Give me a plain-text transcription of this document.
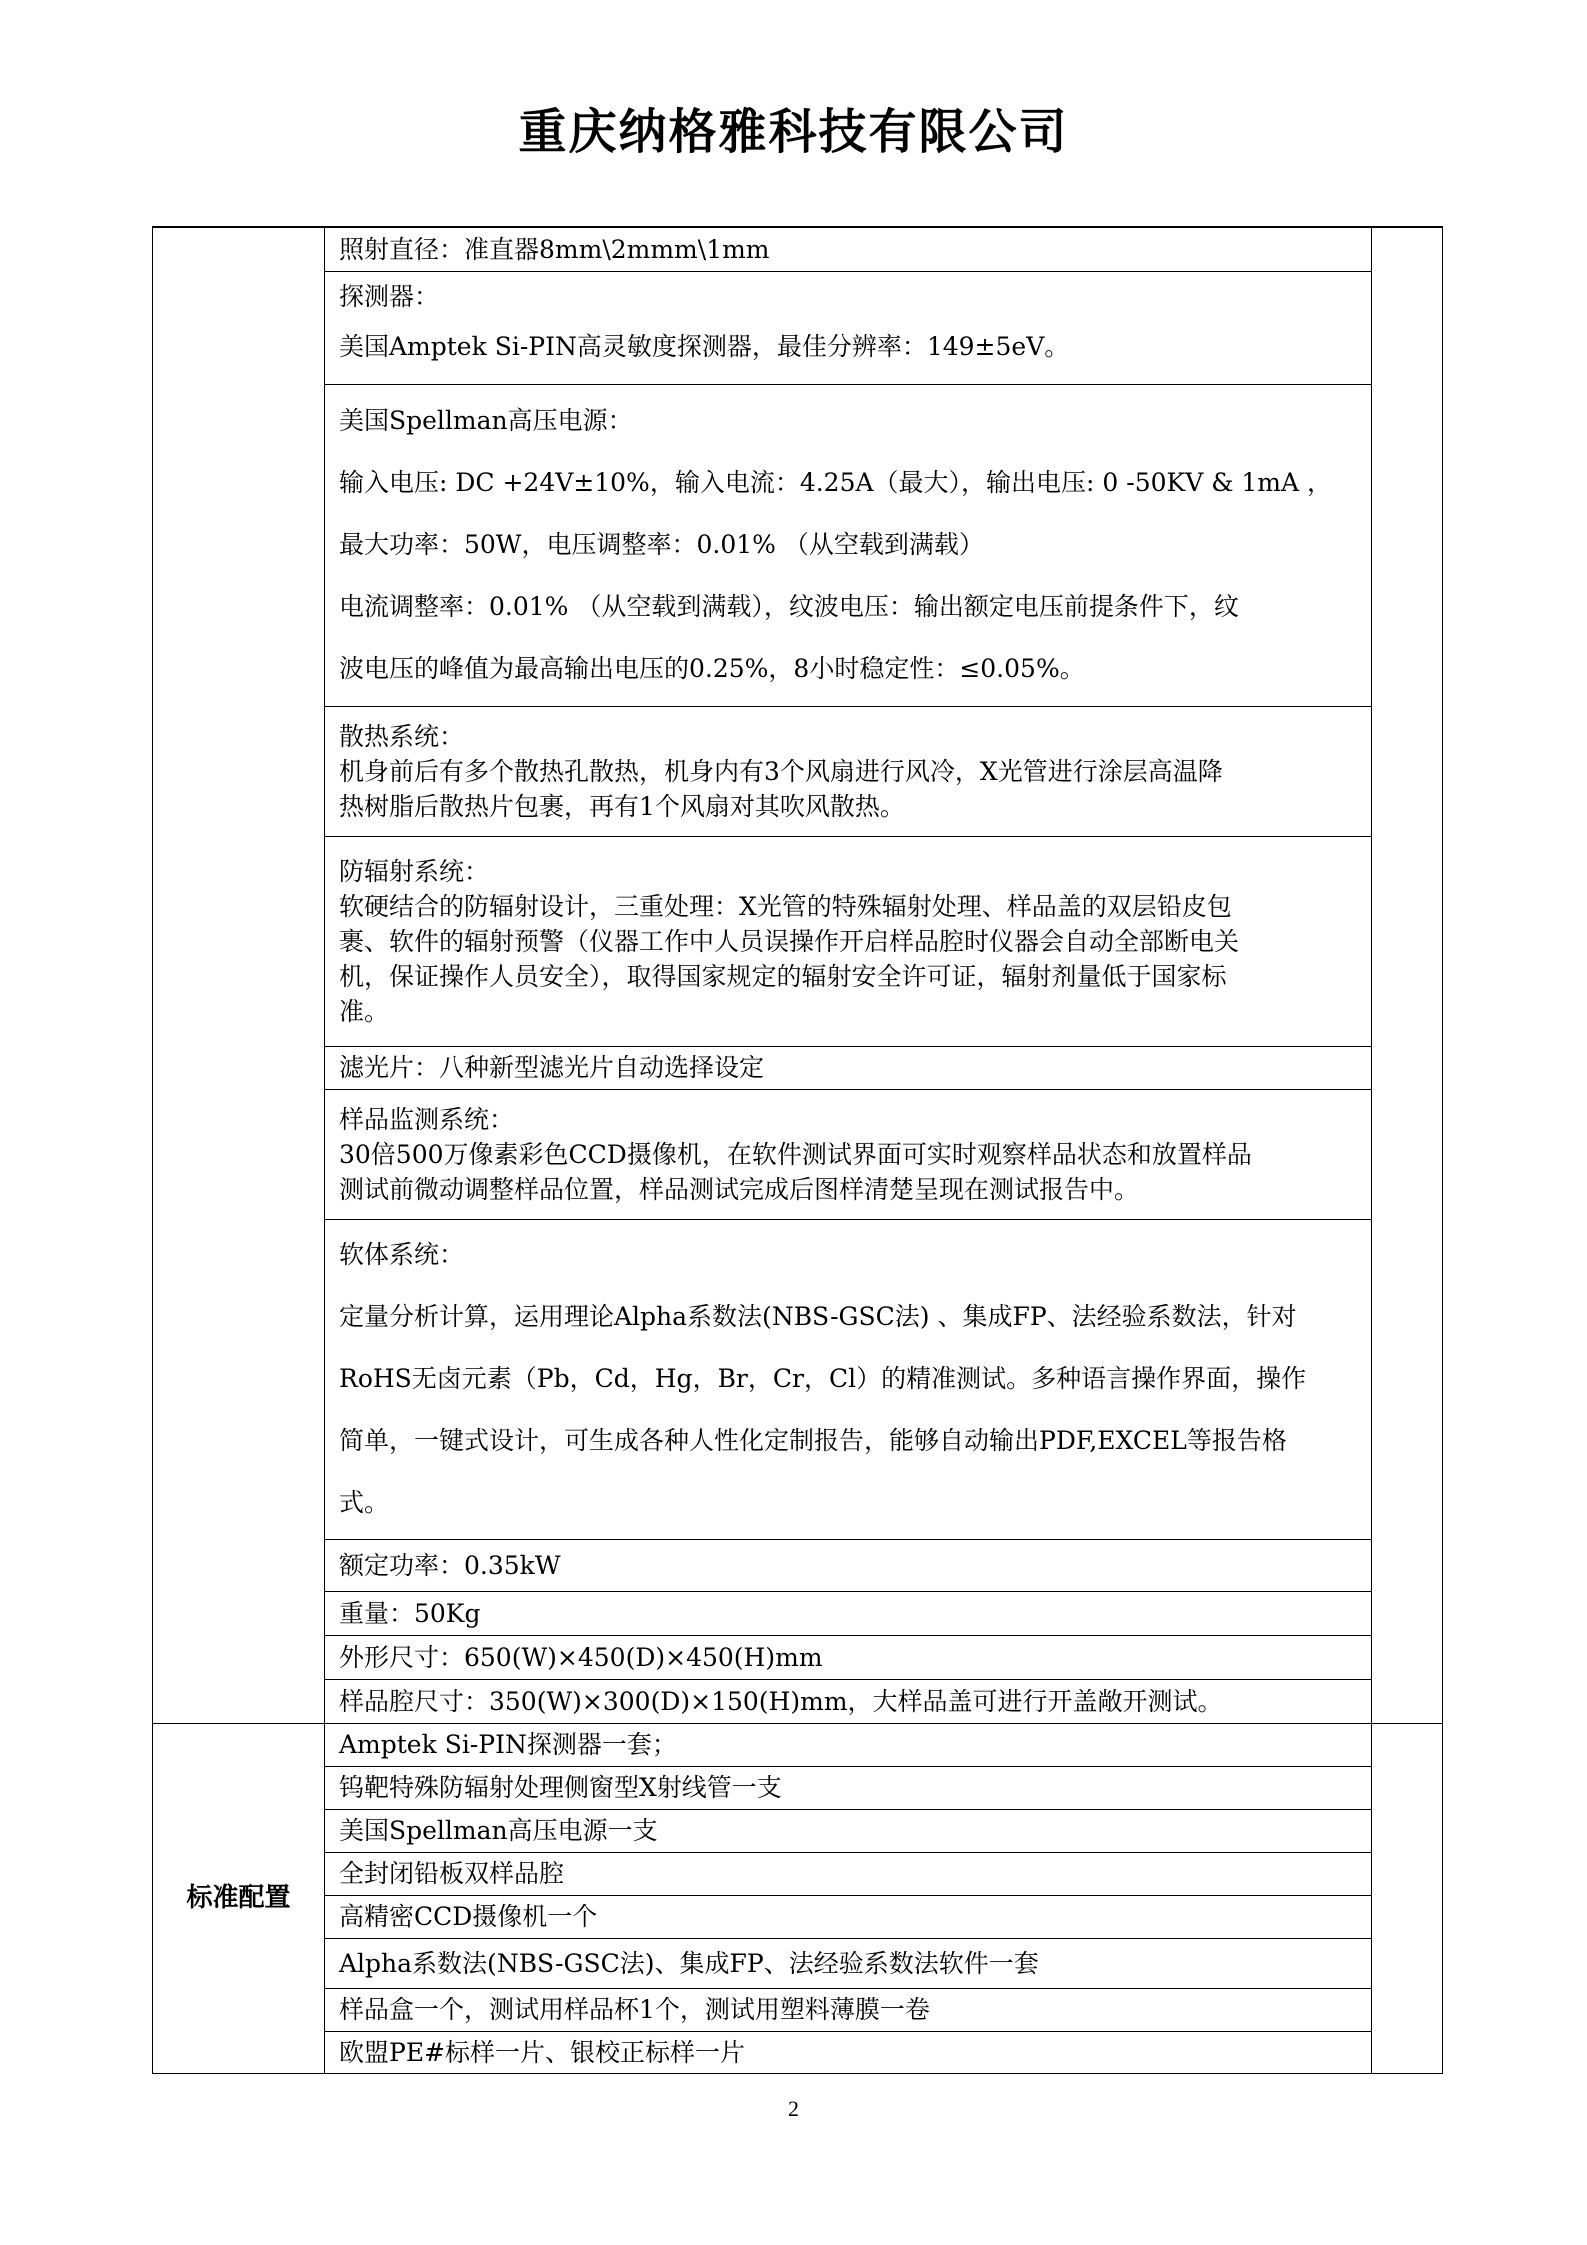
重庆纳格雅科技有限公司

	照射直径：准直器8mm\2mmm\1mm	

	探测器：
美国Amptek Si-PIN高灵敏度探测器，最佳分辨率：149±5eV。	

	美国Spellman高压电源：
输入电压: DC +24V±10%，输入电流：4.25A（最大），输出电压: 0 -50KV & 1mA ，
最大功率：50W，电压调整率：0.01% （从空载到满载）
电流调整率：0.01% （从空载到满载），纹波电压：输出额定电压前提条件下，纹
波电压的峰值为最高输出电压的0.25%，8小时稳定性：≤0.05%。	

	散热系统：
机身前后有多个散热孔散热，机身内有3个风扇进行风冷，X光管进行涂层高温降
热树脂后散热片包裹，再有1个风扇对其吹风散热。	

	防辐射系统：
软硬结合的防辐射设计，三重处理：X光管的特殊辐射处理、样品盖的双层铅皮包
裹、软件的辐射预警（仪器工作中人员误操作开启样品腔时仪器会自动全部断电关
机，保证操作人员安全），取得国家规定的辐射安全许可证，辐射剂量低于国家标
准。	

	滤光片：八种新型滤光片自动选择设定	

	样品监测系统：
30倍500万像素彩色CCD摄像机，在软件测试界面可实时观察样品状态和放置样品
测试前微动调整样品位置，样品测试完成后图样清楚呈现在测试报告中。	

	软体系统：
定量分析计算，运用理论Alpha系数法(NBS-GSC法) 、集成FP、法经验系数法，针对
RoHS无卤元素（Pb，Cd，Hg，Br，Cr，Cl）的精准测试。多种语言操作界面，操作
简单，一键式设计，可生成各种人性化定制报告，能够自动输出PDF,EXCEL等报告格
式。	

	额定功率：0.35kW	

	重量：50Kg	

	外形尺寸：650(W)×450(D)×450(H)mm	

	样品腔尺寸：350(W)×300(D)×150(H)mm，大样品盖可进行开盖敞开测试。	

标准配置	Amptek Si-PIN探测器一套；	

	钨靶特殊防辐射处理侧窗型X射线管一支	

	美国Spellman高压电源一支	

	全封闭铅板双样品腔	

	高精密CCD摄像机一个	

	Alpha系数法(NBS-GSC法)、集成FP、法经验系数法软件一套	

	样品盒一个，测试用样品杯1个，测试用塑料薄膜一卷	

	欧盟PE#标样一片、银校正标样一片	
2
